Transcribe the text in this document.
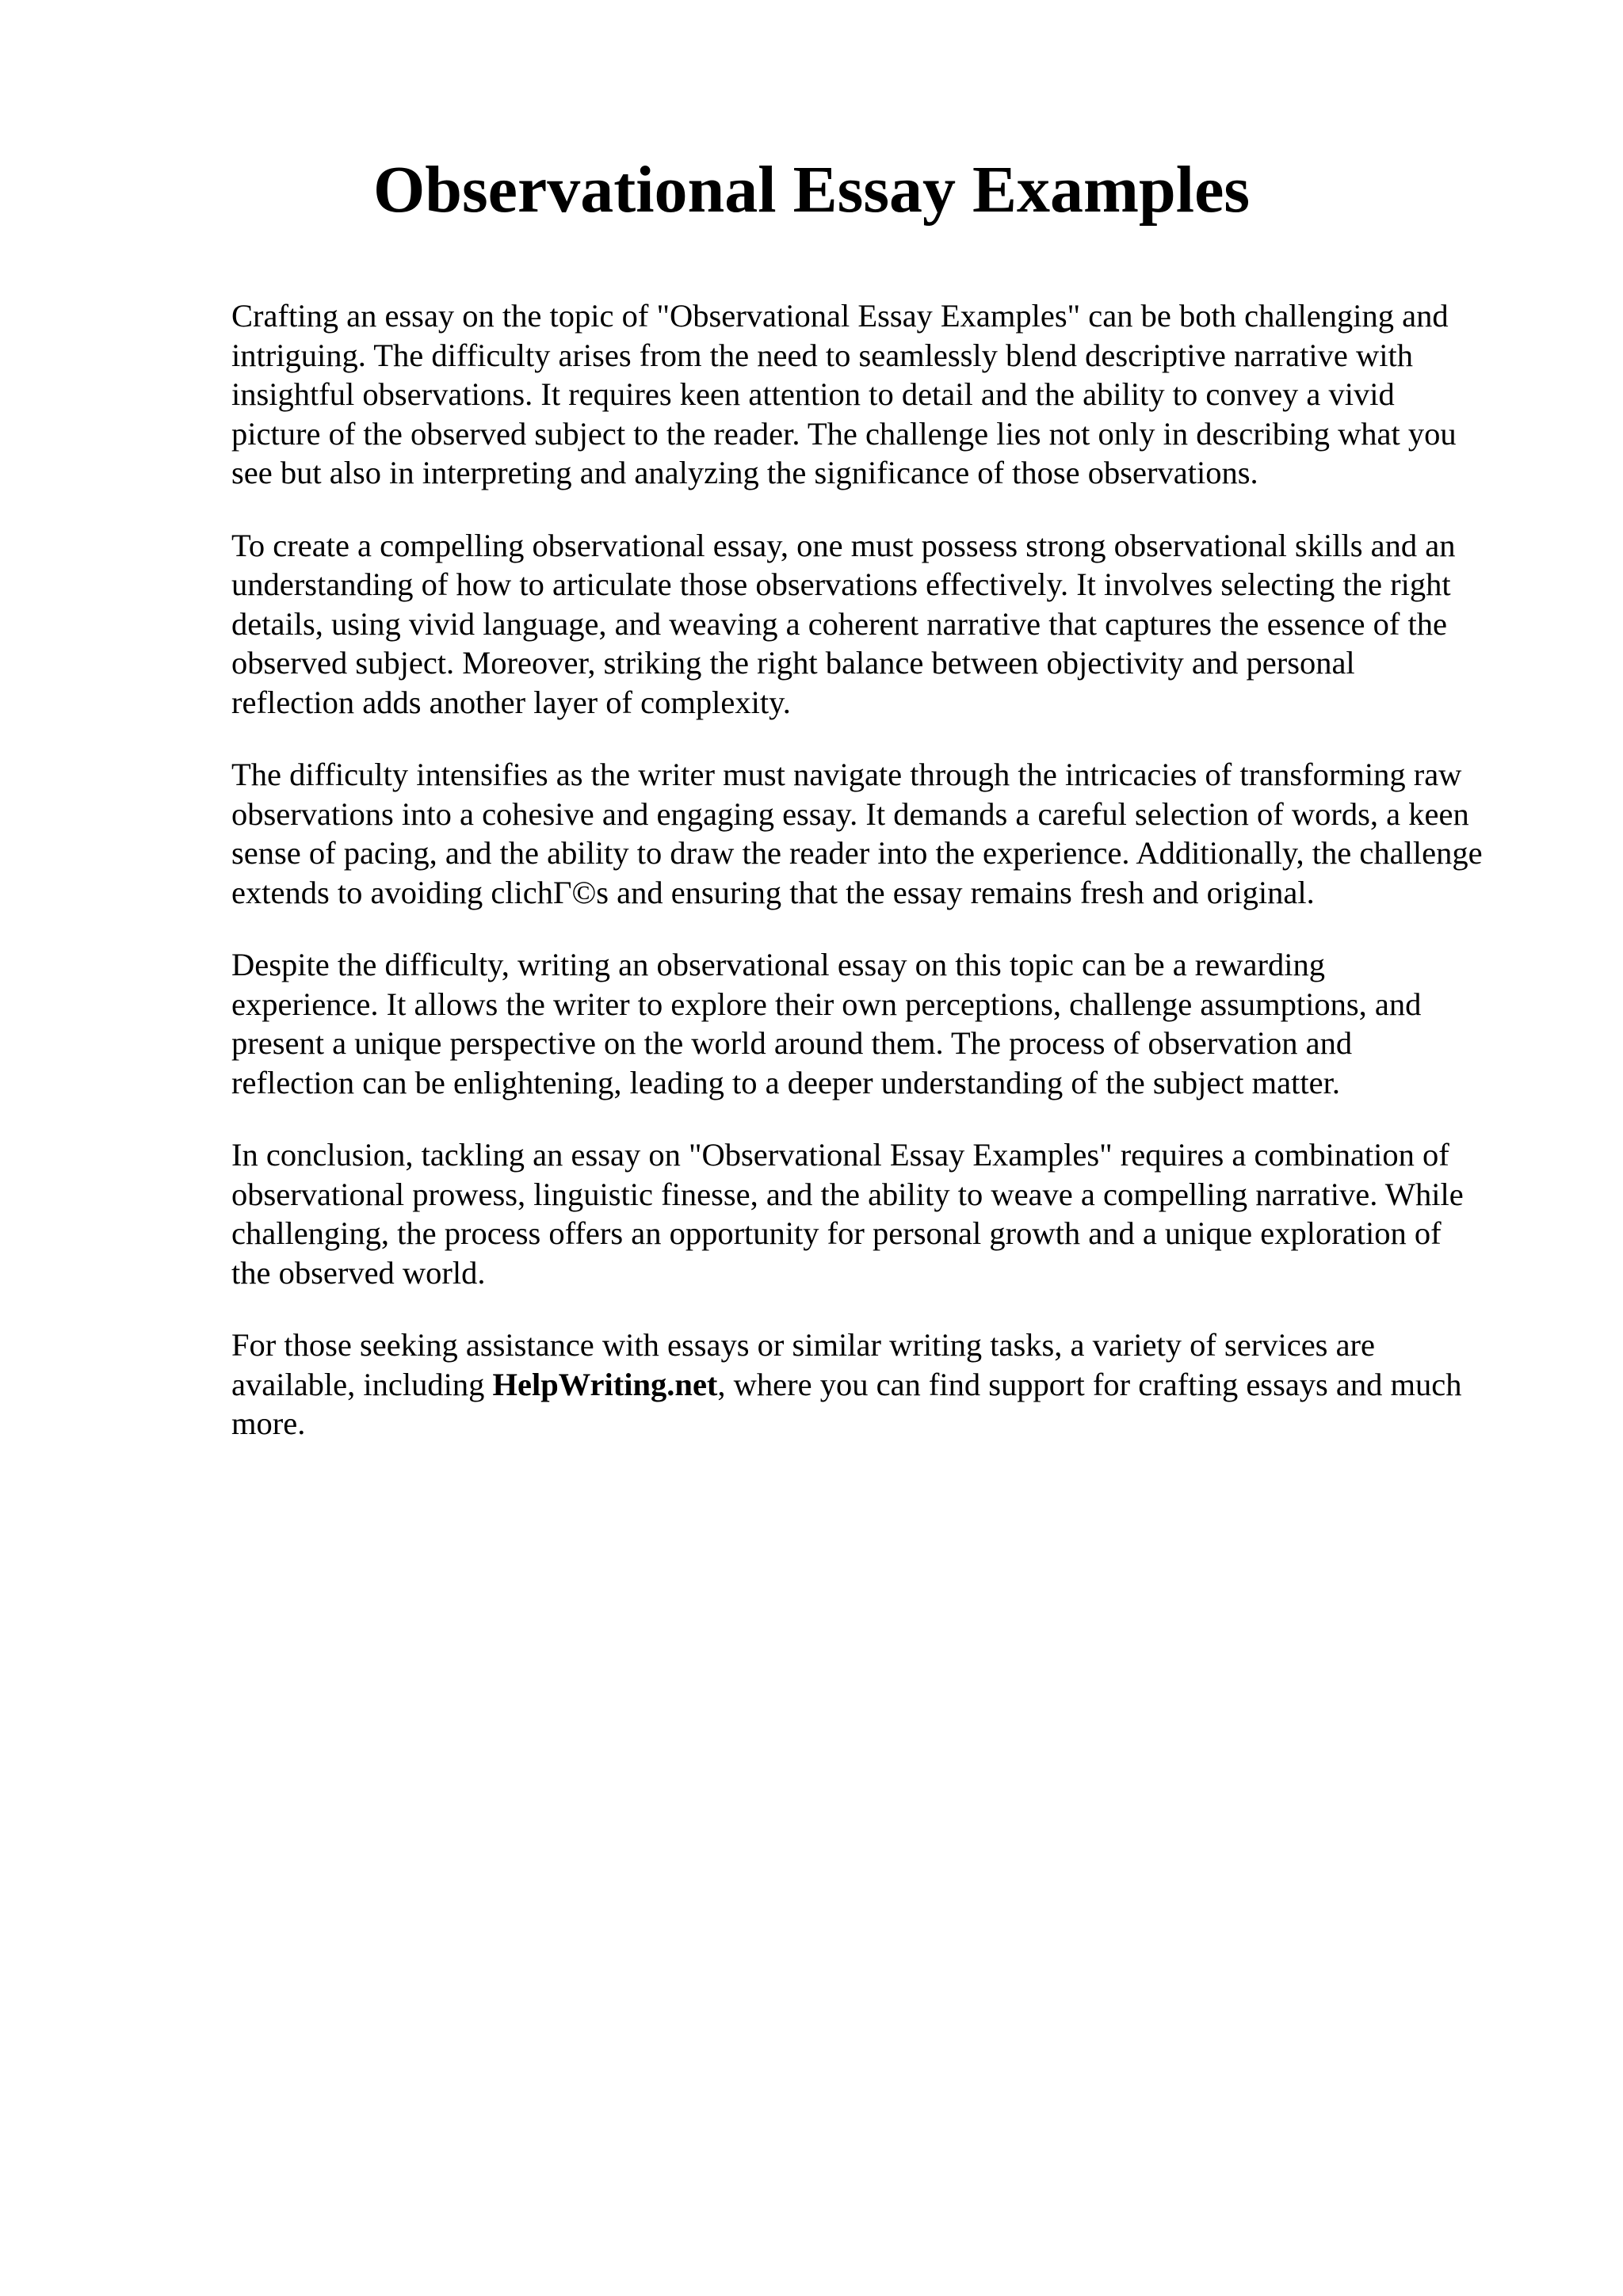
Observational Essay Examples

Crafting an essay on the topic of "Observational Essay Examples" can be both challenging and
intriguing. The difficulty arises from the need to seamlessly blend descriptive narrative with
insightful observations. It requires keen attention to detail and the ability to convey a vivid
picture of the observed subject to the reader. The challenge lies not only in describing what you
see but also in interpreting and analyzing the significance of those observations.

To create a compelling observational essay, one must possess strong observational skills and an
understanding of how to articulate those observations effectively. It involves selecting the right
details, using vivid language, and weaving a coherent narrative that captures the essence of the
observed subject. Moreover, striking the right balance between objectivity and personal
reflection adds another layer of complexity.

The difficulty intensifies as the writer must navigate through the intricacies of transforming raw
observations into a cohesive and engaging essay. It demands a careful selection of words, a keen
sense of pacing, and the ability to draw the reader into the experience. Additionally, the challenge
extends to avoiding clichΓ©s and ensuring that the essay remains fresh and original.

Despite the difficulty, writing an observational essay on this topic can be a rewarding
experience. It allows the writer to explore their own perceptions, challenge assumptions, and
present a unique perspective on the world around them. The process of observation and
reflection can be enlightening, leading to a deeper understanding of the subject matter.

In conclusion, tackling an essay on "Observational Essay Examples" requires a combination of
observational prowess, linguistic finesse, and the ability to weave a compelling narrative. While
challenging, the process offers an opportunity for personal growth and a unique exploration of
the observed world.

For those seeking assistance with essays or similar writing tasks, a variety of services are
available, including HelpWriting.net, where you can find support for crafting essays and much
more.
